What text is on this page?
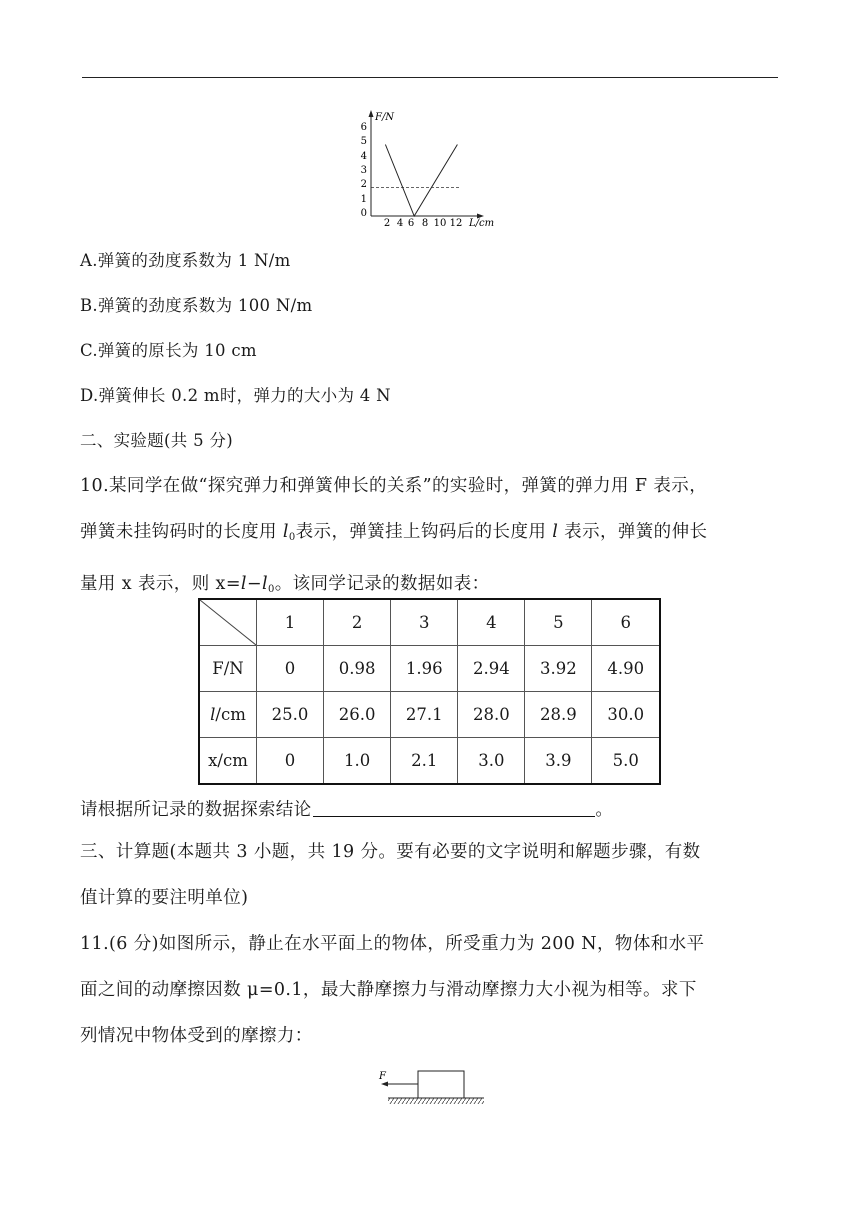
F/N
6
5
4
3
2
1
0
2 4 6 8 10 12 L/cm
A.弹簧的劲度系数为 1 N/m
B.弹簧的劲度系数为 100 N/m
C.弹簧的原长为 10 cm
D.弹簧伸长 0.2 m时，弹力的大小为 4 N
二、实验题(共 5 分)

10.某同学在做“探究弹力和弹簧伸长的关系”的实验时，弹簧的弹力用 F 表示，

弹簧未挂钩码时的长度用 $l_0$表示，弹簧挂上钩码后的长度用 l 表示，弹簧的伸长

量用 x 表示，则 $x=l-l_0$。该同学记录的数据如表：

	1	2	3	4	5	6
F/N	0	0.98	1.96	2.94	3.92	4.90
l/cm	25.0	26.0	27.1	28.0	28.9	30.0
x/cm	0	1.0	2.1	3.0	3.9	5.0
请根据所记录的数据探索结论	。

三、计算题(本题共 3 小题，共 19 分。要有必要的文字说明和解题步骤，有数

值计算的要注明单位)

11.(6 分)如图所示，静止在水平面上的物体，所受重力为 200 N，物体和水平

面之间的动摩擦因数 μ=0.1，最大静摩擦力与滑动摩擦力大小视为相等。求下

列情况中物体受到的摩擦力：

F
